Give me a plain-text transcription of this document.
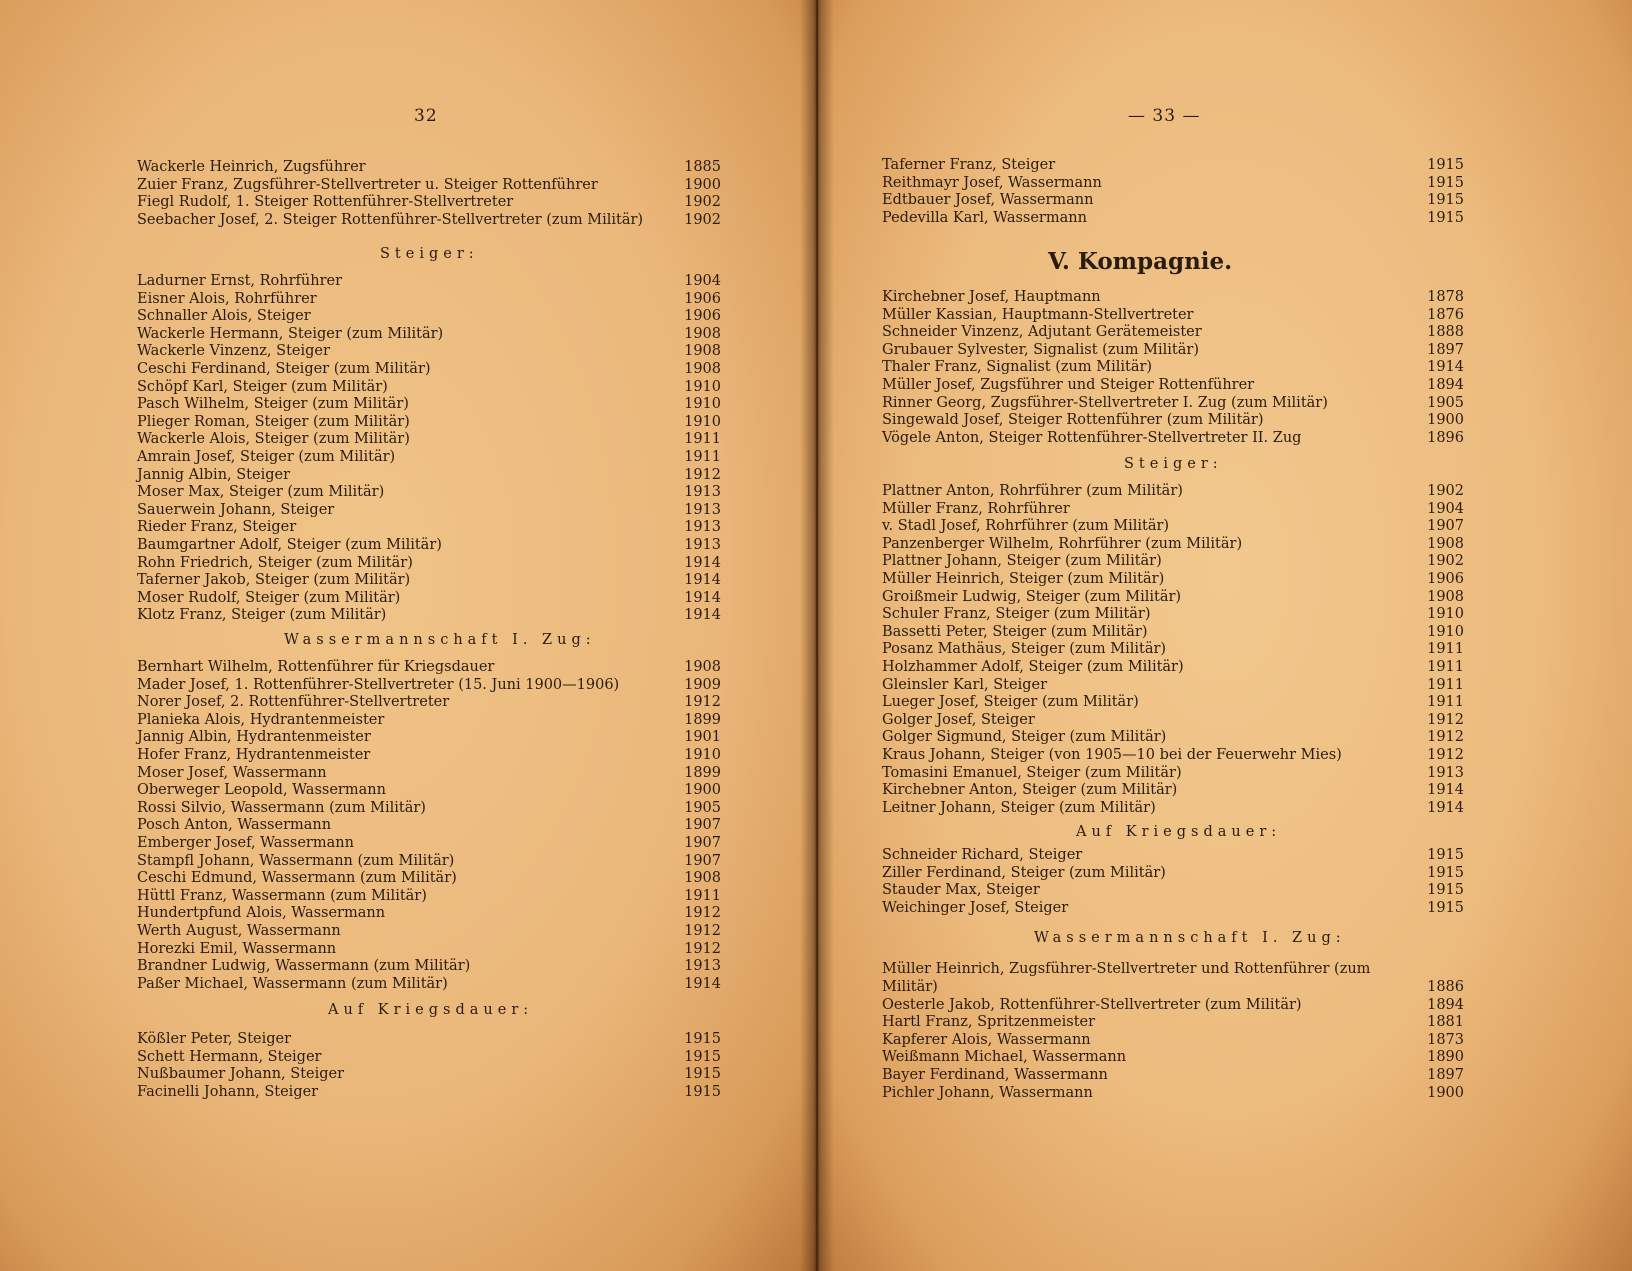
32
Wackerle Heinrich, Zugsführer	1885
Zuier Franz, Zugsführer-Stellvertreter u. Steiger Rottenführer	1900
Fiegl Rudolf, 1. Steiger Rottenführer-Stellvertreter	1902
Seebacher Josef, 2. Steiger Rottenführer-Stellvertreter (zum Militär)	1902
Steiger:
Ladurner Ernst, Rohrführer	1904
Eisner Alois, Rohrführer	1906
Schnaller Alois, Steiger	1906
Wackerle Hermann, Steiger (zum Militär)	1908
Wackerle Vinzenz, Steiger	1908
Ceschi Ferdinand, Steiger (zum Militär)	1908
Schöpf Karl, Steiger (zum Militär)	1910
Pasch Wilhelm, Steiger (zum Militär)	1910
Plieger Roman, Steiger (zum Militär)	1910
Wackerle Alois, Steiger (zum Militär)	1911
Amrain Josef, Steiger (zum Militär)	1911
Jannig Albin, Steiger	1912
Moser Max, Steiger (zum Militär)	1913
Sauerwein Johann, Steiger	1913
Rieder Franz, Steiger	1913
Baumgartner Adolf, Steiger (zum Militär)	1913
Rohn Friedrich, Steiger (zum Militär)	1914
Taferner Jakob, Steiger (zum Militär)	1914
Moser Rudolf, Steiger (zum Militär)	1914
Klotz Franz, Steiger (zum Militär)	1914
Wassermannschaft I. Zug:
Bernhart Wilhelm, Rottenführer für Kriegsdauer	1908
Mader Josef, 1. Rottenführer-Stellvertreter (15. Juni 1900—1906)	1909
Norer Josef, 2. Rottenführer-Stellvertreter	1912
Planieka Alois, Hydrantenmeister	1899
Jannig Albin, Hydrantenmeister	1901
Hofer Franz, Hydrantenmeister	1910
Moser Josef, Wassermann	1899
Oberweger Leopold, Wassermann	1900
Rossi Silvio, Wassermann (zum Militär)	1905
Posch Anton, Wassermann	1907
Emberger Josef, Wassermann	1907
Stampfl Johann, Wassermann (zum Militär)	1907
Ceschi Edmund, Wassermann (zum Militär)	1908
Hüttl Franz, Wassermann (zum Militär)	1911
Hundertpfund Alois, Wassermann	1912
Werth August, Wassermann	1912
Horezki Emil, Wassermann	1912
Brandner Ludwig, Wassermann (zum Militär)	1913
Paßer Michael, Wassermann (zum Militär)	1914
Auf Kriegsdauer:
Kößler Peter, Steiger	1915
Schett Hermann, Steiger	1915
Nußbaumer Johann, Steiger	1915
Facinelli Johann, Steiger	1915
— 33 —
Taferner Franz, Steiger	1915
Reithmayr Josef, Wassermann	1915
Edtbauer Josef, Wassermann	1915
Pedevilla Karl, Wassermann	1915
V. Kompagnie.
Kirchebner Josef, Hauptmann	1878
Müller Kassian, Hauptmann-Stellvertreter	1876
Schneider Vinzenz, Adjutant Gerätemeister	1888
Grubauer Sylvester, Signalist (zum Militär)	1897
Thaler Franz, Signalist (zum Militär)	1914
Müller Josef, Zugsführer und Steiger Rottenführer	1894
Rinner Georg, Zugsführer-Stellvertreter I. Zug (zum Militär)	1905
Singewald Josef, Steiger Rottenführer (zum Militär)	1900
Vögele Anton, Steiger Rottenführer-Stellvertreter II. Zug	1896
Steiger:
Plattner Anton, Rohrführer (zum Militär)	1902
Müller Franz, Rohrführer	1904
v. Stadl Josef, Rohrführer (zum Militär)	1907
Panzenberger Wilhelm, Rohrführer (zum Militär)	1908
Plattner Johann, Steiger (zum Militär)	1902
Müller Heinrich, Steiger (zum Militär)	1906
Groißmeir Ludwig, Steiger (zum Militär)	1908
Schuler Franz, Steiger (zum Militär)	1910
Bassetti Peter, Steiger (zum Militär)	1910
Posanz Mathäus, Steiger (zum Militär)	1911
Holzhammer Adolf, Steiger (zum Militär)	1911
Gleinsler Karl, Steiger	1911
Lueger Josef, Steiger (zum Militär)	1911
Golger Josef, Steiger	1912
Golger Sigmund, Steiger (zum Militär)	1912
Kraus Johann, Steiger (von 1905—10 bei der Feuerwehr Mies)	1912
Tomasini Emanuel, Steiger (zum Militär)	1913
Kirchebner Anton, Steiger (zum Militär)	1914
Leitner Johann, Steiger (zum Militär)	1914
Auf Kriegsdauer:
Schneider Richard, Steiger	1915
Ziller Ferdinand, Steiger (zum Militär)	1915
Stauder Max, Steiger	1915
Weichinger Josef, Steiger	1915
Wassermannschaft I. Zug:
Müller Heinrich, Zugsführer-Stellvertreter und Rottenführer (zum
Militär)	1886
Oesterle Jakob, Rottenführer-Stellvertreter (zum Militär)	1894
Hartl Franz, Spritzenmeister	1881
Kapferer Alois, Wassermann	1873
Weißmann Michael, Wassermann	1890
Bayer Ferdinand, Wassermann	1897
Pichler Johann, Wassermann	1900
